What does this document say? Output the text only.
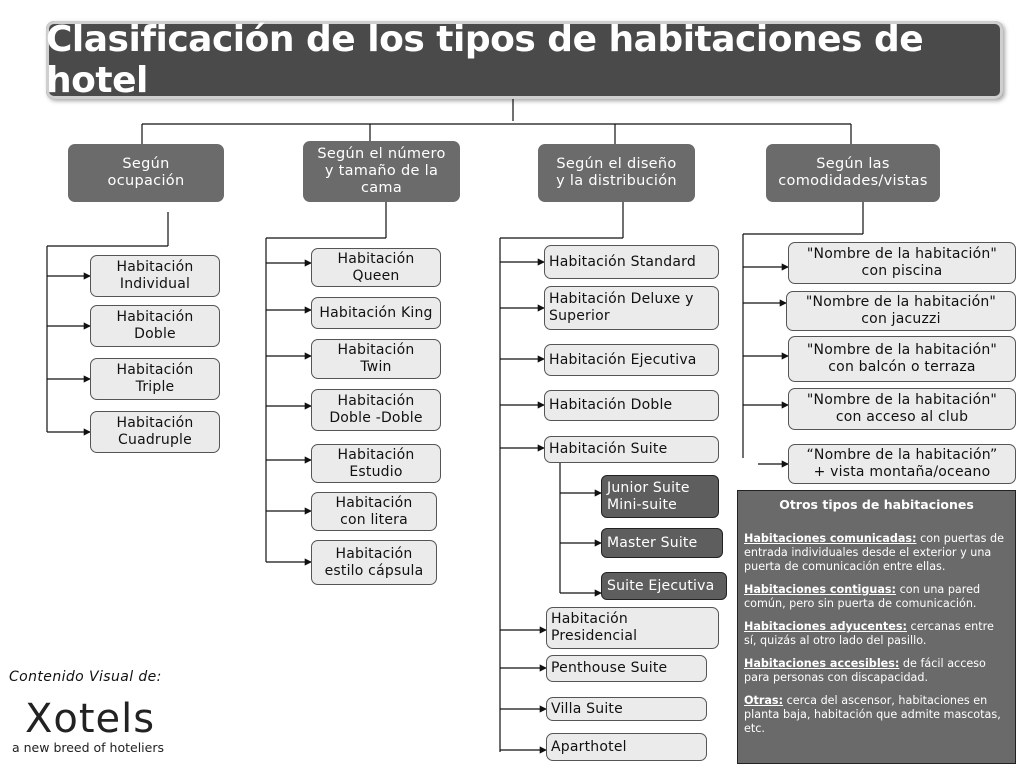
Clasificación de los tipos de habitaciones de hotel
Según
ocupación
Según el número
y tamaño de la
cama
Según el diseño
y la distribución
Según las
comodidades/vistas
Habitación
Individual
Habitación
Doble
Habitación
Triple
Habitación
Cuadruple
Habitación
Queen
Habitación King
Habitación
Twin
Habitación
Doble -Doble
Habitación
Estudio
Habitación
con litera
Habitación
estilo cápsula
Habitación Standard
Habitación Deluxe y
Superior
Habitación Ejecutiva
Habitación Doble
Habitación Suite
Junior Suite
Mini-suite
Master Suite
Suite Ejecutiva
Habitación
Presidencial
Penthouse Suite
Villa Suite
Aparthotel
"Nombre de la habitación"
con piscina
"Nombre de la habitación"
con jacuzzi
"Nombre de la habitación"
con balcón o terraza
"Nombre de la habitación"
con acceso al club
“Nombre de la habitación”
+ vista montaña/oceano
Otros tipos de habitaciones

Habitaciones comunicadas: con puertas de entrada individuales desde el exterior y una puerta de comunicación entre ellas.

Habitaciones contiguas: con una pared común, pero sin puerta de comunicación.

Habitaciones adyucentes: cercanas entre sí, quizás al otro lado del pasillo.

Habitaciones accesibles: de fácil acceso para personas con discapacidad.

Otras: cerca del ascensor, habitaciones en planta baja, habitación que admite mascotas, etc.

Contenido Visual de:
Xotels
a new breed of hoteliers
